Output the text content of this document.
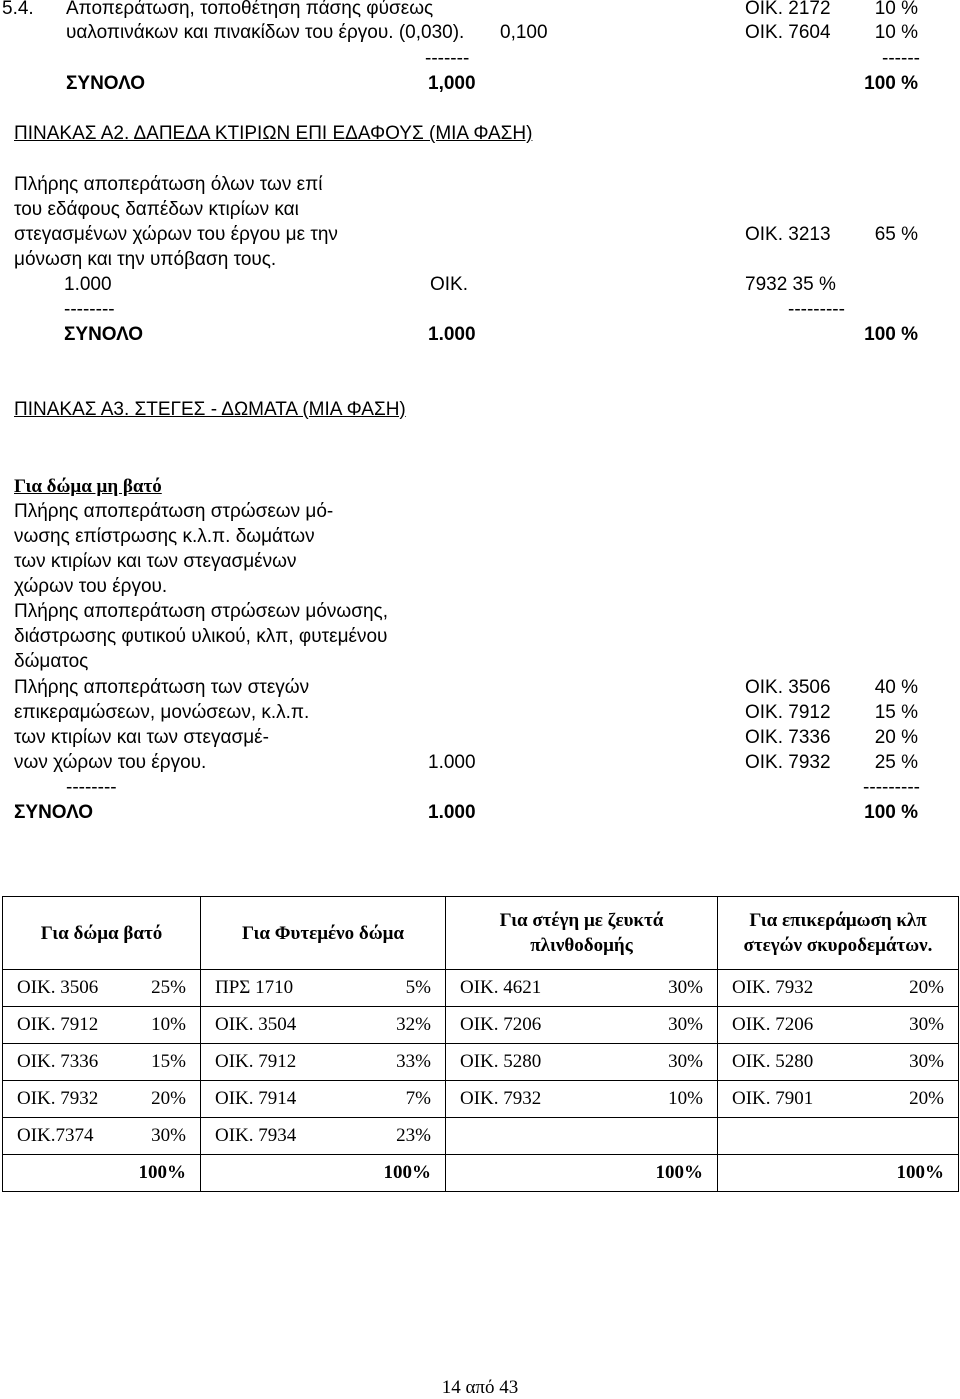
5.4. Αποπεράτωση, τοποθέτηση πάσης φύσεως	ΟΙΚ. 2172	10 %
υαλοπινάκων και πινακίδων του έργου. (0,030). 0,100	ΟΙΚ. 7604	10 %
-------	------
ΣΥΝΟΛΟ	1,000	100 %
ΠΙΝΑΚΑΣ Α2. ΔΑΠΕΔΑ ΚΤΙΡΙΩΝ ΕΠΙ ΕΔΑΦΟΥΣ (ΜΙΑ ΦΑΣΗ)
Πλήρης αποπεράτωση όλων των επί
του εδάφους δαπέδων κτιρίων και
στεγασμένων χώρων του έργου με την	ΟΙΚ. 3213	65 %
μόνωση και την υπόβαση τους.
1.000	ΟΙΚ.	7932 35 %
--------	---------
ΣΥΝΟΛΟ	1.000	100 %
ΠΙΝΑΚΑΣ Α3. ΣΤΕΓΕΣ - ΔΩΜΑΤΑ (ΜΙΑ ΦΑΣΗ)
Για δώμα μη βατό
Πλήρης αποπεράτωση στρώσεων μό-
νωσης επίστρωσης κ.λ.π. δωμάτων
των κτιρίων και των στεγασμένων
χώρων του έργου.
Πλήρης αποπεράτωση στρώσεων μόνωσης,
διάστρωσης φυτικού υλικού, κλπ, φυτεμένου
δώματος
Πλήρης αποπεράτωση των στεγών	ΟΙΚ. 3506	40 %
επικεραμώσεων, μονώσεων, κ.λ.π.	ΟΙΚ. 7912	15 %
των κτιρίων και των στεγασμέ-	ΟΙΚ. 7336	20 %
νων χώρων του έργου.	1.000	ΟΙΚ. 7932	25 %
--------	---------
ΣΥΝΟΛΟ	1.000	100 %
Για δώμα βατό	Για Φυτεμένο δώμα	Για στέγη με ζευκτά πλινθοδομής	Για επικεράμωση κλπ στεγών σκυροδεμάτων.

ΟΙΚ. 3506 25%	ΠΡΣ 1710 5%	ΟΙΚ. 4621 30%	ΟΙΚ. 7932 20%

ΟΙΚ. 7912 10%	ΟΙΚ. 3504 32%	ΟΙΚ. 7206 30%	ΟΙΚ. 7206 30%

ΟΙΚ. 7336 15%	ΟΙΚ. 7912 33%	ΟΙΚ. 5280 30%	ΟΙΚ. 5280 30%

ΟΙΚ. 7932 20%	ΟΙΚ. 7914 7%	ΟΙΚ. 7932 10%	ΟΙΚ. 7901 20%

ΟΙΚ.7374 30%	ΟΙΚ. 7934 23%		

100%	100%	100%	100%
14 από 43
